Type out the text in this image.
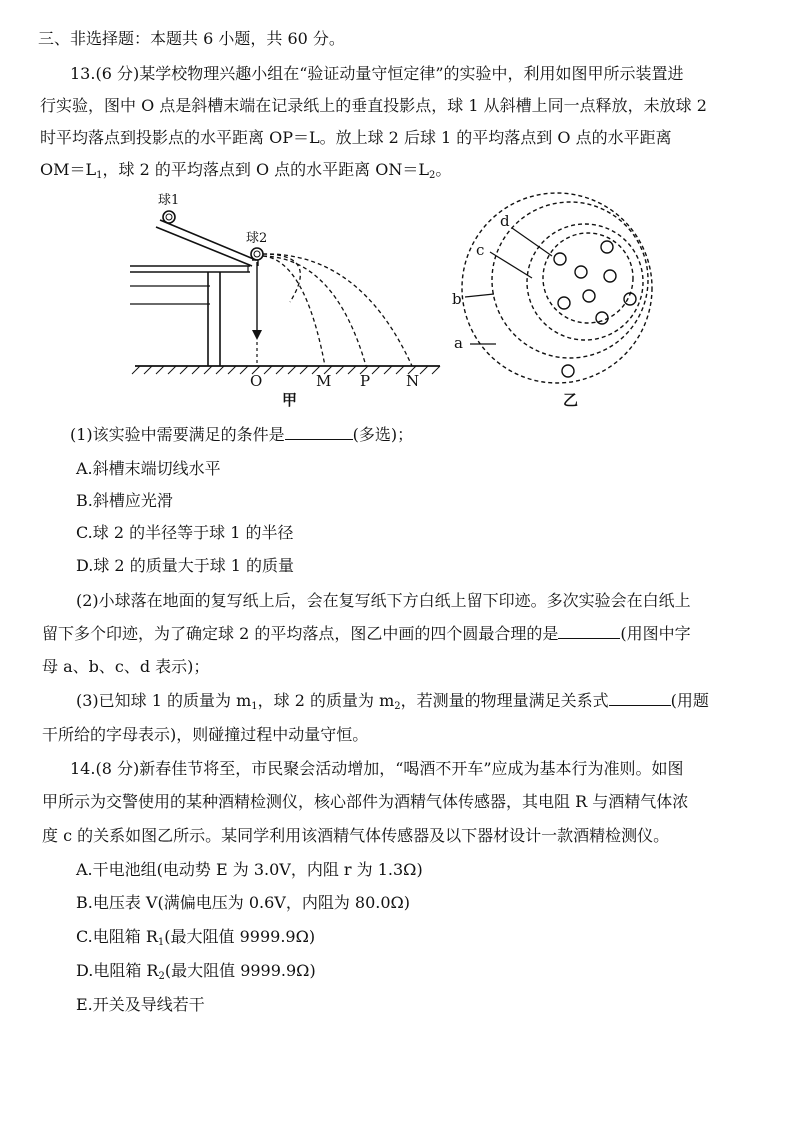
三、非选择题：本题共 6 小题，共 60 分。
13.(6 分)某学校物理兴趣小组在“验证动量守恒定律”的实验中，利用如图甲所示装置进
行实验，图中 O 点是斜槽末端在记录纸上的垂直投影点，球 1 从斜槽上同一点释放，未放球 2
时平均落点到投影点的水平距离 OP＝L。放上球 2 后球 1 的平均落点到 O 点的水平距离
$OM=L_1$，球 2 的平均落点到 O 点的水平距离 $ON=L_2$。
球1
球2
O	M P N
甲
d
c
b
a
乙
(1)该实验中需要满足的条件是	(多选)；
A.斜槽末端切线水平
B.斜槽应光滑
C.球 2 的半径等于球 1 的半径
D.球 2 的质量大于球 1 的质量
(2)小球落在地面的复写纸上后，会在复写纸下方白纸上留下印迹。多次实验会在白纸上
留下多个印迹，为了确定球 2 的平均落点，图乙中画的四个圆最合理的是	(用图中字
母 a、b、c、d 表示)；
(3)已知球 1 的质量为 $m_1$，球 2 的质量为 $m_2$，若测量的物理量满足关系式	(用题
干所给的字母表示)，则碰撞过程中动量守恒。
14.(8 分)新春佳节将至，市民聚会活动增加，“喝酒不开车”应成为基本行为准则。如图
甲所示为交警使用的某种酒精检测仪，核心部件为酒精气体传感器，其电阻 R 与酒精气体浓
度 c 的关系如图乙所示。某同学利用该酒精气体传感器及以下器材设计一款酒精检测仪。
A.干电池组(电动势 E 为 3.0V，内阻 r 为 1.3Ω)
B.电压表 V(满偏电压为 0.6V，内阻为 80.0Ω)
C.电阻箱 $R_1$(最大阻值 9999.9Ω)
D.电阻箱 $R_2$(最大阻值 9999.9Ω)
E.开关及导线若干
